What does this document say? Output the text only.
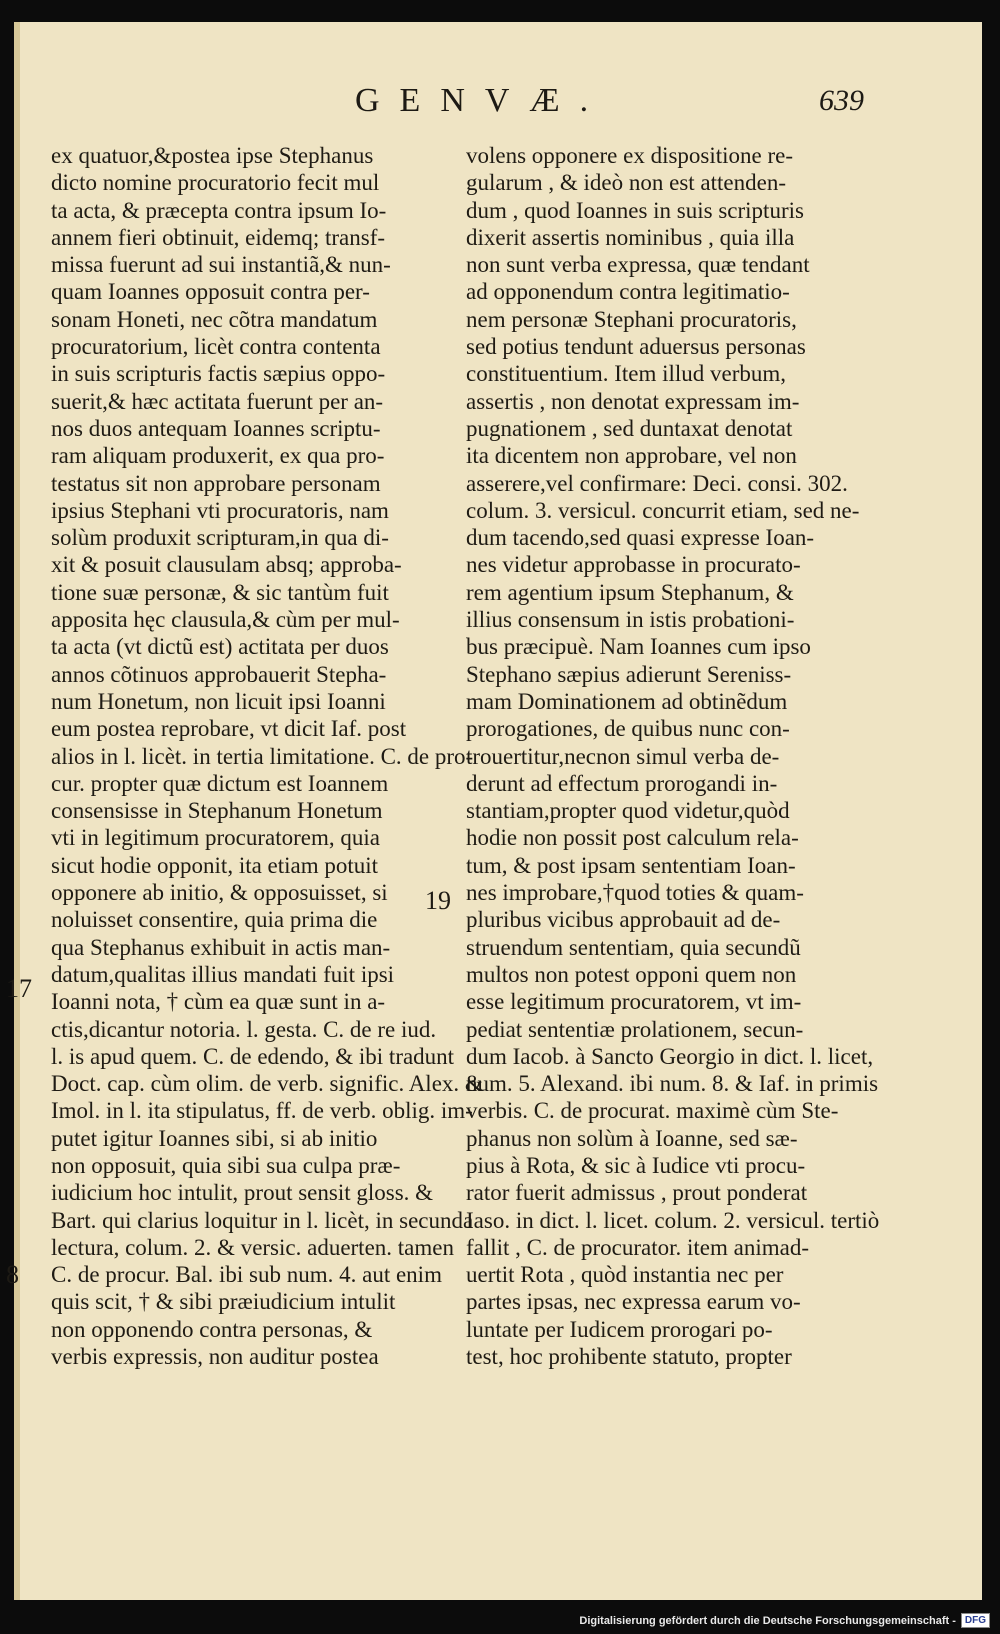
GENVÆ.	639
ex quatuor,&postea ipse Stephanus
dicto nomine procuratorio fecit mul
ta acta, & præcepta contra ipsum Io-
annem fieri obtinuit, eidemq; transf-
missa fuerunt ad sui instantiã,& nun-
quam Ioannes opposuit contra per-
sonam Honeti, nec cõtra mandatum
procuratorium, licèt contra contenta
in suis scripturis factis sæpius oppo-
suerit,& hæc actitata fuerunt per an-
nos duos antequam Ioannes scriptu-
ram aliquam produxerit, ex qua pro-
testatus sit non approbare personam
ipsius Stephani vti procuratoris, nam
solùm produxit scripturam,in qua di-
xit & posuit clausulam absq; approba-
tione suæ personæ, & sic tantùm fuit
apposita hęc clausula,& cùm per mul-
ta acta (vt dictũ est) actitata per duos
annos cõtinuos approbauerit Stepha-
num Honetum, non licuit ipsi Ioanni
eum postea reprobare, vt dicit Iaf. post
alios in l. licèt. in tertia limitatione. C. de pro-
cur. propter quæ dictum est Ioannem
consensisse in Stephanum Honetum
vti in legitimum procuratorem, quia
sicut hodie opponit, ita etiam potuit
opponere ab initio, & opposuisset, si
noluisset consentire, quia prima die
qua Stephanus exhibuit in actis man-
datum,qualitas illius mandati fuit ipsi
Ioanni nota, † cùm ea quæ sunt in a-
ctis,dicantur notoria. l. gesta. C. de re iud.
l. is apud quem. C. de edendo, & ibi tradunt
Doct. cap. cùm olim. de verb. signific. Alex. &
Imol. in l. ita stipulatus, ff. de verb. oblig. im-
putet igitur Ioannes sibi, si ab initio
non opposuit, quia sibi sua culpa præ-
iudicium hoc intulit, prout sensit gloss. &
Bart. qui clarius loquitur in l. licèt, in secunda
lectura, colum. 2. & versic. aduerten. tamen
C. de procur. Bal. ibi sub num. 4. aut enim
quis scit, † & sibi præiudicium intulit
non opponendo contra personas, &
verbis expressis, non auditur postea
volens opponere ex dispositione re-
gularum , & ideò non est attenden-
dum , quod Ioannes in suis scripturis
dixerit assertis nominibus , quia illa
non sunt verba expressa, quæ tendant
ad opponendum contra legitimatio-
nem personæ Stephani procuratoris,
sed potius tendunt aduersus personas
constituentium. Item illud verbum,
assertis , non denotat expressam im-
pugnationem , sed duntaxat denotat
ita dicentem non approbare, vel non
asserere,vel confirmare: Deci. consi. 302.
colum. 3. versicul. concurrit etiam, sed ne-
dum tacendo,sed quasi expresse Ioan-
nes videtur approbasse in procurato-
rem agentium ipsum Stephanum, &
illius consensum in istis probationi-
bus præcipuè. Nam Ioannes cum ipso
Stephano sæpius adierunt Sereniss-
mam Dominationem ad obtinẽdum
prorogationes, de quibus nunc con-
trouertitur,necnon simul verba de-
derunt ad effectum prorogandi in-
stantiam,propter quod videtur,quòd
hodie non possit post calculum rela-
tum, & post ipsam sententiam Ioan-
nes improbare,†quod toties & quam-
pluribus vicibus approbauit ad de-
struendum sententiam, quia secundũ
multos non potest opponi quem non
esse legitimum procuratorem, vt im-
pediat sententiæ prolationem, secun-
dum Iacob. à Sancto Georgio in dict. l. licet,
num. 5. Alexand. ibi num. 8. & Iaf. in primis
verbis. C. de procurat. maximè cùm Ste-
phanus non solùm à Ioanne, sed sæ-
pius à Rota, & sic à Iudice vti procu-
rator fuerit admissus , prout ponderat
Iaso. in dict. l. licet. colum. 2. versicul. tertiò
fallit , C. de procurator. item animad-
uertit Rota , quòd instantia nec per
partes ipsas, nec expressa earum vo-
luntate per Iudicem prorogari po-
test, hoc prohibente statuto, propter
19
17
8
Digitalisierung gefördert durch die Deutsche Forschungsgemeinschaft - DFG
